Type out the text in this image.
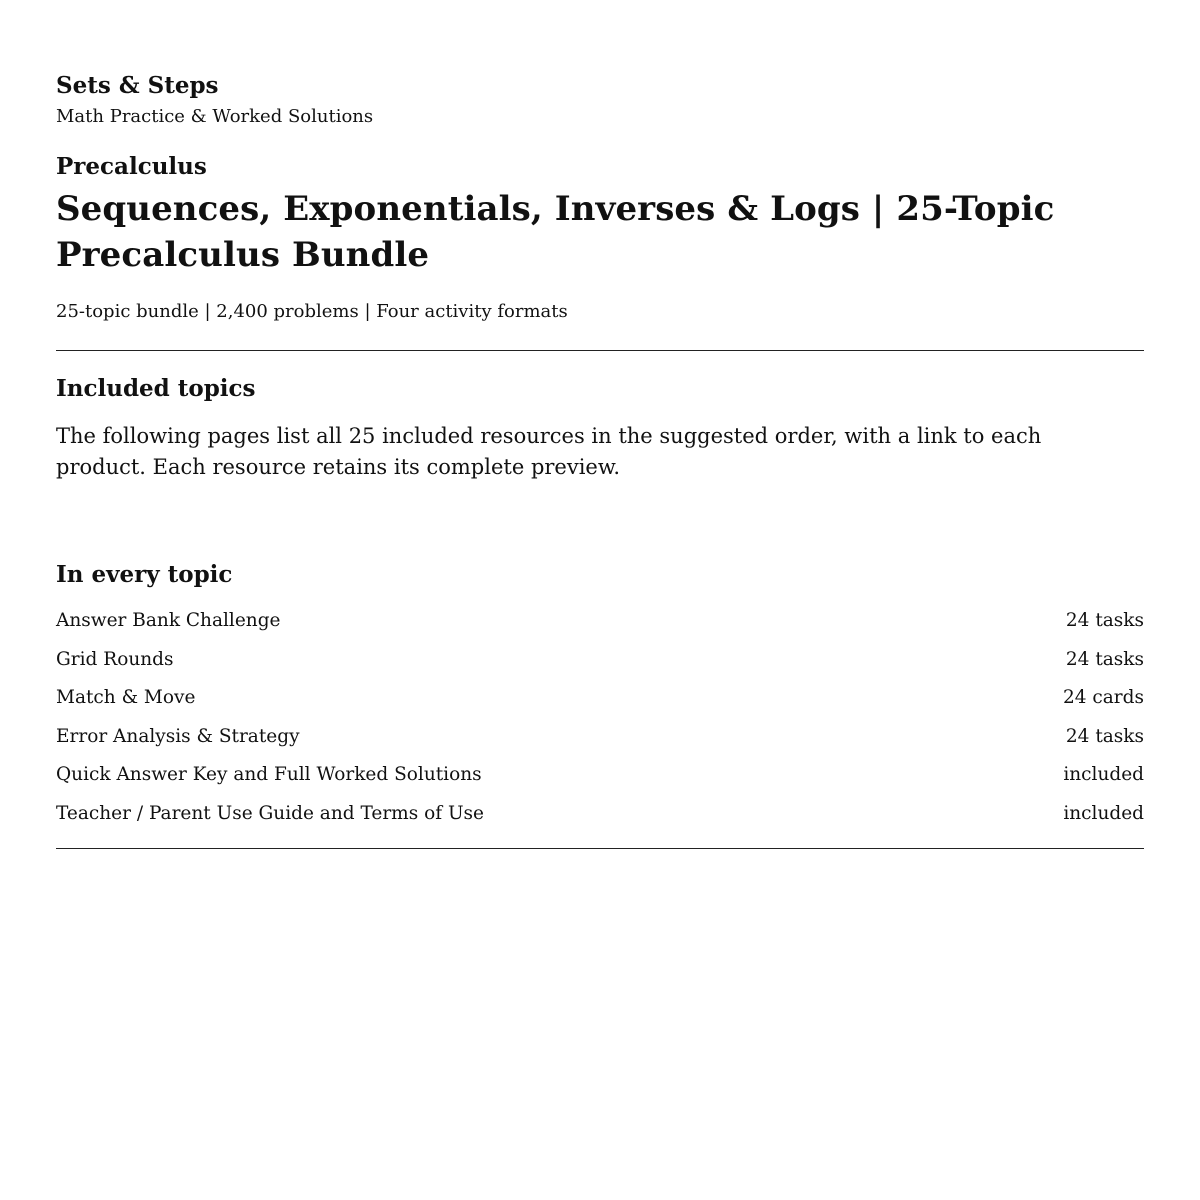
Sets & Steps
Math Practice & Worked Solutions
Precalculus
Sequences, Exponentials, Inverses & Logs | 25-Topic Precalculus Bundle
25-topic bundle | 2,400 problems | Four activity formats
Included topics

The following pages list all 25 included resources in the suggested order, with a link to each product. Each resource retains its complete preview.

In every topic
Answer Bank Challenge	24 tasks
Grid Rounds	24 tasks
Match & Move	24 cards
Error Analysis & Strategy	24 tasks
Quick Answer Key and Full Worked Solutions	included
Teacher / Parent Use Guide and Terms of Use	included
